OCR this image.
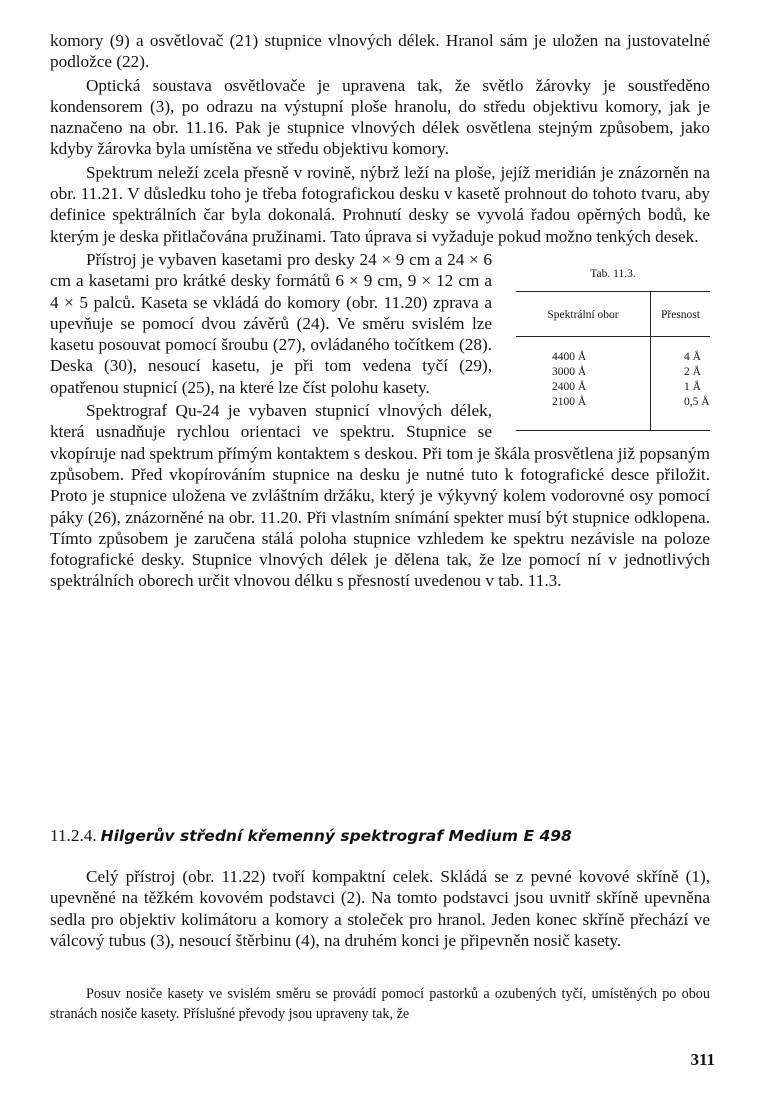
komory (9) a osvětlovač (21) stupnice vlnových délek. Hranol sám je uložen na justovatelné podložce (22).

Optická soustava osvětlovače je upravena tak, že světlo žárovky je soustředěno kondensorem (3), po odrazu na výstupní ploše hranolu, do středu objektivu komory, jak je naznačeno na obr. 11.16. Pak je stupnice vlnových délek osvětlena stejným způsobem, jako kdyby žárovka byla umístěna ve středu objektivu komory.

Spektrum neleží zcela přesně v rovině, nýbrž leží na ploše, jejíž meridián je znázorněn na obr. 11.21. V důsledku toho je třeba fotografickou desku v kasetě prohnout do tohoto tvaru, aby definice spektrálních čar byla dokonalá. Prohnutí desky se vyvolá řadou opěrných bodů, ke kterým je deska přitlačována pružinami. Tato úprava si vyžaduje pokud možno tenkých desek.

Tab. 11.3.
Spektrální obor	Přesnost
4400 Å
3000 Å
2400 Å
2100 Å
4 Å
2 Å
1 Å
0,5 Å

Přístroj je vybaven kasetami pro desky 24 × 9 cm a 24 × 6 cm a kasetami pro krátké desky formátů 6 × 9 cm, 9 × 12 cm a 4 × 5 palců. Kaseta se vkládá do komory (obr. 11.20) zprava a upevňuje se pomocí dvou závěrů (24). Ve směru svislém lze kasetu posouvat pomocí šroubu (27), ovládaného točítkem (28). Deska (30), nesoucí kasetu, je při tom vedena tyčí (29), opatřenou stupnicí (25), na které lze číst polohu kasety.

Spektrograf Qu-24 je vybaven stupnicí vlnových délek, která usnadňuje rychlou orientaci ve spektru. Stupnice se vkopíruje nad spektrum přímým kontaktem s deskou. Při tom je škála prosvětlena již popsaným způsobem. Před vkopírováním stupnice na desku je nutné tuto k fotografické desce přiložit. Proto je stupnice uložena ve zvláštním držáku, který je výkyvný kolem vodorovné osy pomocí páky (26), znázorněné na obr. 11.20. Při vlastním snímání spekter musí být stupnice odklopena. Tímto způsobem je zaručena stálá poloha stupnice vzhledem ke spektru nezávisle na poloze fotografické desky. Stupnice vlnových délek je dělena tak, že lze pomocí ní v jednotlivých spektrálních oborech určit vlnovou délku s přesností uvedenou v tab. 11.3.

11.2.4. Hilgerův střední křemenný spektrograf Medium E 498

Celý přístroj (obr. 11.22) tvoří kompaktní celek. Skládá se z pevné kovové skříně (1), upevněné na těžkém kovovém podstavci (2). Na tomto podstavci jsou uvnitř skříně upevněna sedla pro objektiv kolimátoru a komory a stoleček pro hranol. Jeden konec skříně přechází ve válcový tubus (3), nesoucí štěrbinu (4), na druhém konci je připevněn nosič kasety.

Posuv nosiče kasety ve svislém směru se provádí pomocí pastorků a ozubených tyčí, umístěných po obou stranách nosiče kasety. Příslušné převody jsou upraveny tak, že

311
